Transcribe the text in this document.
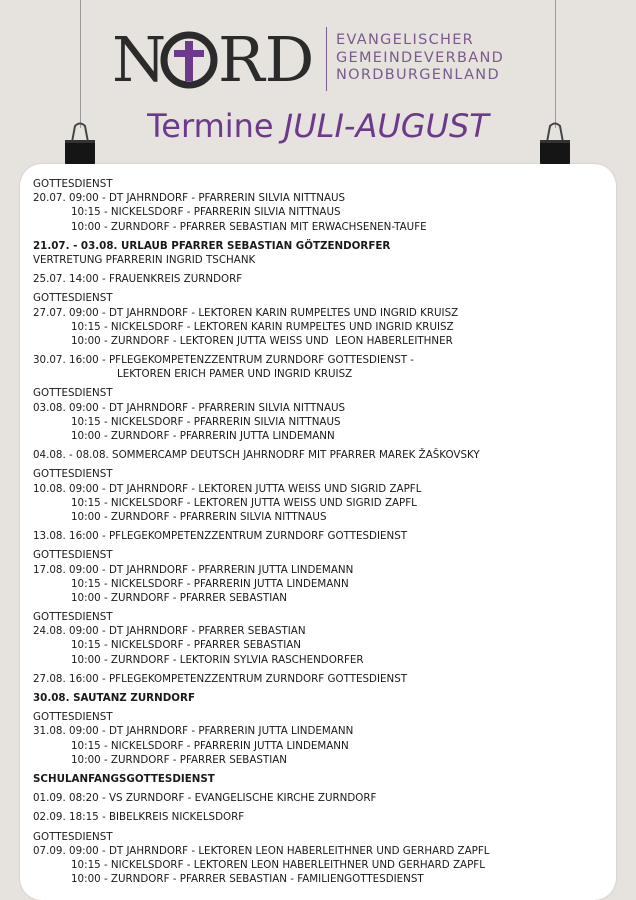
N RD EVANGELISCHER
GEMEINDEVERBAND
NORDBURGENLAND
Termine JULI-AUGUST
GOTTESDIENST
20.07. 09:00 - DT JAHRNDORF - PFARRERIN SILVIA NITTNAUS
10:15 - NICKELSDORF - PFARRERIN SILVIA NITTNAUS
10:00 - ZURNDORF - PFARRER SEBASTIAN MIT ERWACHSENEN-TAUFE
21.07. - 03.08. URLAUB PFARRER SEBASTIAN GÖTZENDORFER
VERTRETUNG PFARRERIN INGRID TSCHANK
25.07. 14:00 - FRAUENKREIS ZURNDORF
GOTTESDIENST
27.07. 09:00 - DT JAHRNDORF - LEKTOREN KARIN RUMPELTES UND INGRID KRUISZ
10:15 - NICKELSDORF - LEKTOREN KARIN RUMPELTES UND INGRID KRUISZ
10:00 - ZURNDORF - LEKTOREN JUTTA WEISS UND  LEON HABERLEITHNER
30.07. 16:00 - PFLEGEKOMPETENZZENTRUM ZURNDORF GOTTESDIENST -
LEKTOREN ERICH PAMER UND INGRID KRUISZ
GOTTESDIENST
03.08. 09:00 - DT JAHRNDORF - PFARRERIN SILVIA NITTNAUS
10:15 - NICKELSDORF - PFARRERIN SILVIA NITTNAUS
10:00 - ZURNDORF - PFARRERIN JUTTA LINDEMANN
04.08. - 08.08. SOMMERCAMP DEUTSCH JAHRNODRF MIT PFARRER MAREK ŽAŠKOVSKY
GOTTESDIENST
10.08. 09:00 - DT JAHRNDORF - LEKTOREN JUTTA WEISS UND SIGRID ZAPFL
10:15 - NICKELSDORF - LEKTOREN JUTTA WEISS UND SIGRID ZAPFL
10:00 - ZURNDORF - PFARRERIN SILVIA NITTNAUS
13.08. 16:00 - PFLEGEKOMPETENZZENTRUM ZURNDORF GOTTESDIENST
GOTTESDIENST
17.08. 09:00 - DT JAHRNDORF - PFARRERIN JUTTA LINDEMANN
10:15 - NICKELSDORF - PFARRERIN JUTTA LINDEMANN
10:00 - ZURNDORF - PFARRER SEBASTIAN
GOTTESDIENST
24.08. 09:00 - DT JAHRNDORF - PFARRER SEBASTIAN
10:15 - NICKELSDORF - PFARRER SEBASTIAN
10:00 - ZURNDORF - LEKTORIN SYLVIA RASCHENDORFER
27.08. 16:00 - PFLEGEKOMPETENZZENTRUM ZURNDORF GOTTESDIENST
30.08. SAUTANZ ZURNDORF
GOTTESDIENST
31.08. 09:00 - DT JAHRNDORF - PFARRERIN JUTTA LINDEMANN
10:15 - NICKELSDORF - PFARRERIN JUTTA LINDEMANN
10:00 - ZURNDORF - PFARRER SEBASTIAN
SCHULANFANGSGOTTESDIENST
01.09. 08:20 - VS ZURNDORF - EVANGELISCHE KIRCHE ZURNDORF
02.09. 18:15 - BIBELKREIS NICKELSDORF
GOTTESDIENST
07.09. 09:00 - DT JAHRNDORF - LEKTOREN LEON HABERLEITHNER UND GERHARD ZAPFL
10:15 - NICKELSDORF - LEKTOREN LEON HABERLEITHNER UND GERHARD ZAPFL
10:00 - ZURNDORF - PFARRER SEBASTIAN - FAMILIENGOTTESDIENST
